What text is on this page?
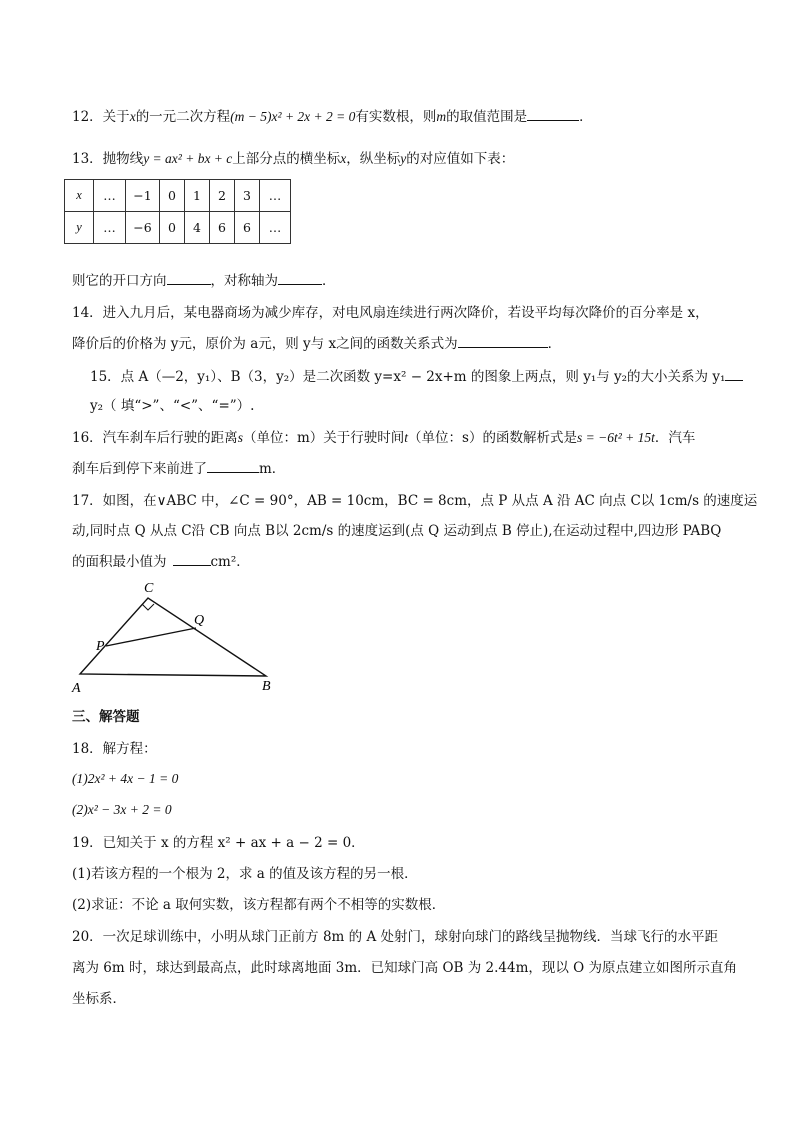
12．关于x的一元二次方程(m − 5)x² + 2x + 2 = 0有实数根，则m的取值范围是	．
13．抛物线y = ax² + bx + c上部分点的横坐标x，纵坐标y的对应值如下表：
x	…	−1	0	1	2	3	…
y	…	−6	0	4	6	6	…
则它的开口方向	，对称轴为	．
14．进入九月后，某电器商场为减少库存，对电风扇连续进行两次降价，若设平均每次降价的百分率是 x，
降价后的价格为 y元，原价为 a元，则 y与 x之间的函数关系式为	．
15．点 A（—2，y₁）、B（3，y₂）是二次函数 y=x² − 2x+m 的图象上两点，则 y₁与 y₂的大小关系为 y₁
y₂（ 填“>”、“<”、“=”）.
16．汽车刹车后行驶的距离s（单位：m）关于行驶时间t（单位：s）的函数解析式是s = −6t² + 15t．汽车
刹车后到停下来前进了	m．
17．如图，在∨ABC 中，∠C = 90°，AB = 10cm，BC = 8cm，点 P 从点 A 沿 AC 向点 C以 1cm/s 的速度运
动,同时点 Q 从点 C沿 CB 向点 B以 2cm/s 的速度运到(点 Q 运动到点 B 停止),在运动过程中,四边形 PABQ
的面积最小值为	cm²．
C
Q
P
A	B
三、解答题
18．解方程：
(1)2x² + 4x − 1 = 0
(2)x² − 3x + 2 = 0
19．已知关于 x 的方程 x² + ax + a − 2 = 0．
(1)若该方程的一个根为 2，求 a 的值及该方程的另一根．
(2)求证：不论 a 取何实数，该方程都有两个不相等的实数根．
20．一次足球训练中，小明从球门正前方 8m 的 A 处射门，球射向球门的路线呈抛物线．当球飞行的水平距
离为 6m 时，球达到最高点，此时球离地面 3m．已知球门高 OB 为 2.44m，现以 O 为原点建立如图所示直角
坐标系．
